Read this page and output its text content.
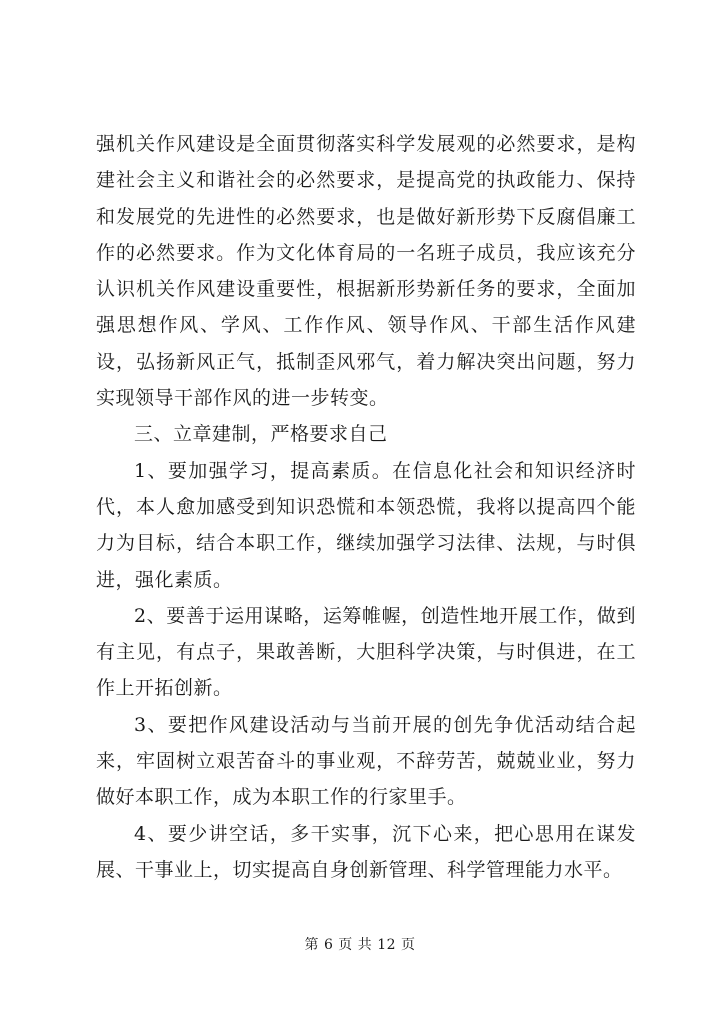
强机关作风建设是全面贯彻落实科学发展观的必然要求，是构建社会主义和谐社会的必然要求，是提高党的执政能力、保持和发展党的先进性的必然要求，也是做好新形势下反腐倡廉工作的必然要求。作为文化体育局的一名班子成员，我应该充分认识机关作风建设重要性，根据新形势新任务的要求，全面加强思想作风、学风、工作作风、领导作风、干部生活作风建设，弘扬新风正气，抵制歪风邪气，着力解决突出问题，努力实现领导干部作风的进一步转变。

三、立章建制，严格要求自己

1、要加强学习，提高素质。在信息化社会和知识经济时代，本人愈加感受到知识恐慌和本领恐慌，我将以提高四个能力为目标，结合本职工作，继续加强学习法律、法规，与时俱进，强化素质。

2、要善于运用谋略，运筹帷幄，创造性地开展工作，做到有主见，有点子，果敢善断，大胆科学决策，与时俱进，在工作上开拓创新。

3、要把作风建设活动与当前开展的创先争优活动结合起来，牢固树立艰苦奋斗的事业观，不辞劳苦，兢兢业业，努力做好本职工作，成为本职工作的行家里手。

4、要少讲空话，多干实事，沉下心来，把心思用在谋发展、干事业上，切实提高自身创新管理、科学管理能力水平。

第 6 页 共 12 页
